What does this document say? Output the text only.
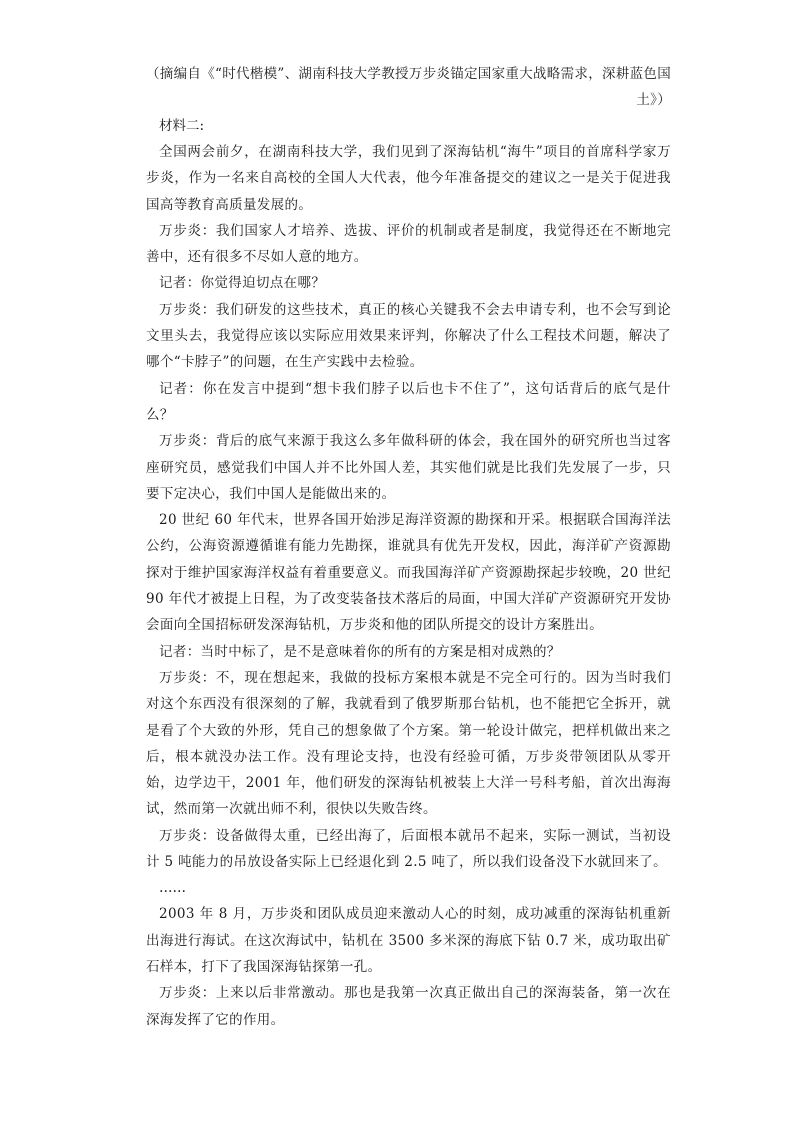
（摘编自《“时代楷模”、湖南科技大学教授万步炎锚定国家重大战略需求，深耕蓝色国土》）

材料二:

全国两会前夕，在湖南科技大学，我们见到了深海钻机“海牛”项目的首席科学家万步炎，作为一名来自高校的全国人大代表，他今年准备提交的建议之一是关于促进我国高等教育高质量发展的。

万步炎：我们国家人才培养、选拔、评价的机制或者是制度，我觉得还在不断地完善中，还有很多不尽如人意的地方。

记者：你觉得迫切点在哪？

万步炎：我们研发的这些技术，真正的核心关键我不会去申请专利，也不会写到论文里头去，我觉得应该以实际应用效果来评判，你解决了什么工程技术问题，解决了哪个“卡脖子”的问题，在生产实践中去检验。

记者：你在发言中提到“想卡我们脖子以后也卡不住了”，这句话背后的底气是什么？

万步炎：背后的底气来源于我这么多年做科研的体会，我在国外的研究所也当过客座研究员，感觉我们中国人并不比外国人差，其实他们就是比我们先发展了一步，只要下定决心，我们中国人是能做出来的。

20 世纪 60 年代末，世界各国开始涉足海洋资源的勘探和开采。根据联合国海洋法公约，公海资源遵循谁有能力先勘探，谁就具有优先开发权，因此，海洋矿产资源勘探对于维护国家海洋权益有着重要意义。而我国海洋矿产资源勘探起步较晚，20 世纪 90 年代才被提上日程，为了改变装备技术落后的局面，中国大洋矿产资源研究开发协会面向全国招标研发深海钻机，万步炎和他的团队所提交的设计方案胜出。

记者：当时中标了，是不是意味着你的所有的方案是相对成熟的？

万步炎：不，现在想起来，我做的投标方案根本就是不完全可行的。因为当时我们对这个东西没有很深刻的了解，我就看到了俄罗斯那台钻机，也不能把它全拆开，就是看了个大致的外形，凭自己的想象做了个方案。第一轮设计做完，把样机做出来之后，根本就没办法工作。没有理论支持，也没有经验可循，万步炎带领团队从零开始，边学边干，2001 年，他们研发的深海钻机被装上大洋一号科考船，首次出海海试，然而第一次就出师不利，很快以失败告终。

万步炎：设备做得太重，已经出海了，后面根本就吊不起来，实际一测试，当初设计 5 吨能力的吊放设备实际上已经退化到 2.5 吨了，所以我们设备没下水就回来了。

……

2003 年 8 月，万步炎和团队成员迎来激动人心的时刻，成功减重的深海钻机重新出海进行海试。在这次海试中，钻机在 3500 多米深的海底下钻 0.7 米，成功取出矿石样本，打下了我国深海钻探第一孔。

万步炎：上来以后非常激动。那也是我第一次真正做出自己的深海装备，第一次在深海发挥了它的作用。
